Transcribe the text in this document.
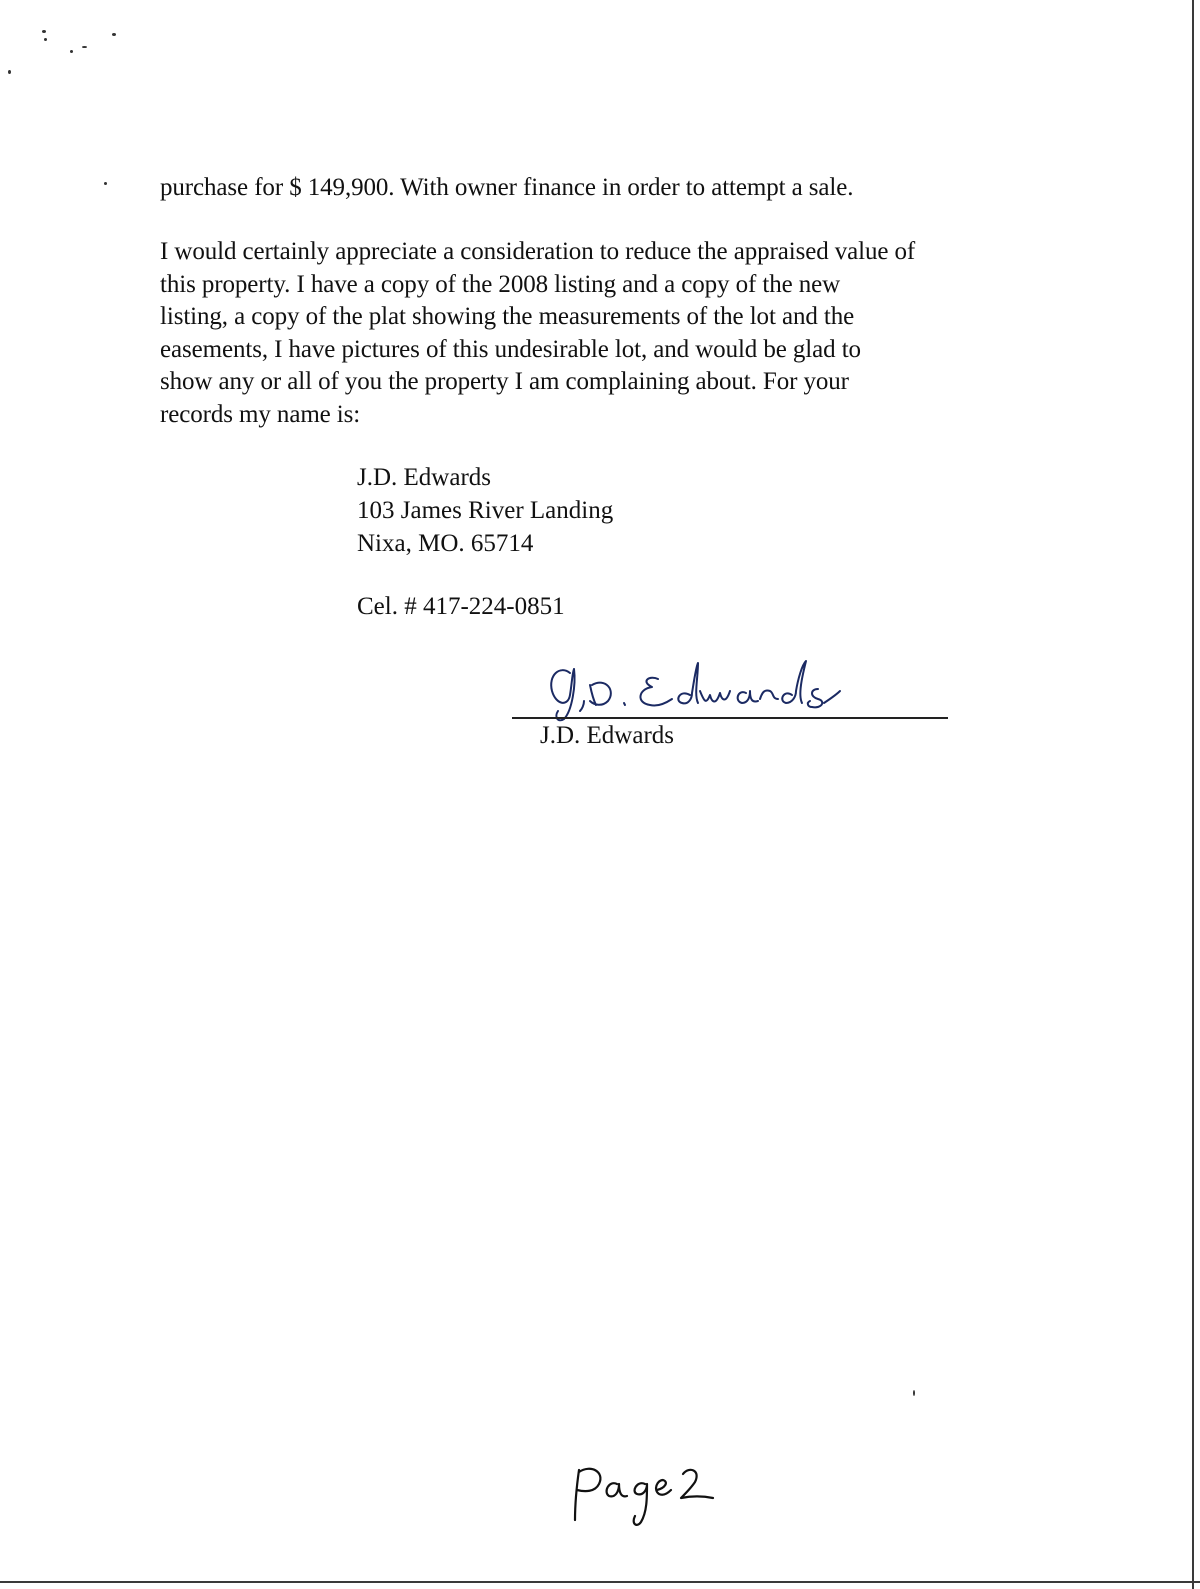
purchase for $ 149,900. With owner finance in order to attempt a sale.

I would certainly appreciate a consideration to reduce the appraised value of
this property. I have a copy of the 2008 listing and a copy of the new
listing, a copy of the plat showing the measurements of the lot and the
easements, I have pictures of this undesirable lot, and would be glad to
show any or all of you the property I am complaining about. For your
records my name is:

J.D. Edwards
103 James River Landing
Nixa, MO. 65714
Cel. # 417-224-0851
J.D. Edwards
